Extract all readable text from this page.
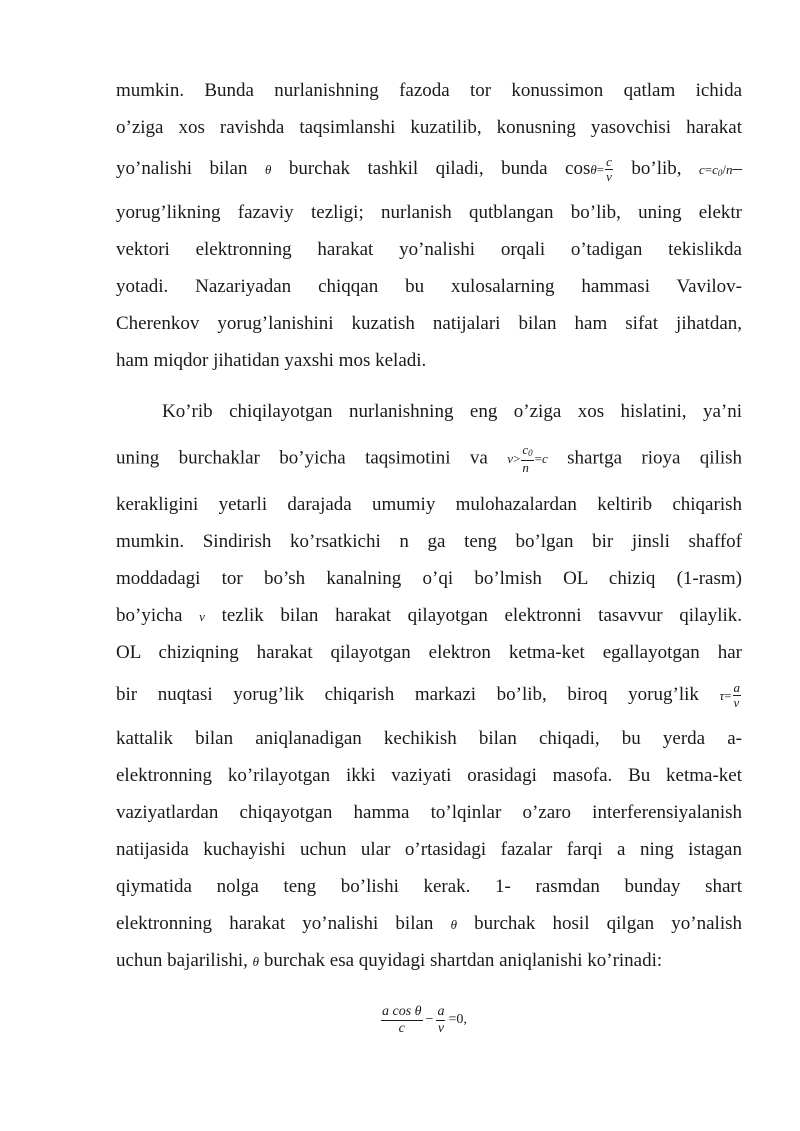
mumkin. Bunda nurlanishning fazoda tor konussimon qatlam ichida
o’ziga xos ravishda taqsimlanshi kuzatilib, konusning yasovchisi harakat
yo’nalishi bilan θ burchak tashkil qiladi, bunda $\cos\theta= \frac{c}{v}$ bo’lib, $c=c_0/n-$
yorug’likning fazaviy tezligi; nurlanish qutblangan bo’lib, uning elektr
vektori elektronning harakat yo’nalishi orqali o’tadigan tekislikda
yotadi. Nazariyadan chiqqan bu xulosalarning hammasi Vavilov-
Cherenkov yorug’lanishini kuzatish natijalari bilan ham sifat jihatdan,
ham miqdor jihatidan yaxshi mos keladi.
Ko’rib chiqilayotgan nurlanishning eng o’ziga xos hislatini, ya’ni
uning burchaklar bo’yicha taqsimotini va $v> \frac{c_0}{n} =c$ shartga rioya qilish
kerakligini yetarli darajada umumiy mulohazalardan keltirib chiqarish
mumkin. Sindirish ko’rsatkichi n ga teng bo’lgan bir jinsli shaffof
moddadagi tor bo’sh kanalning o’qi bo’lmish OL chiziq (1-rasm)
bo’yicha v tezlik bilan harakat qilayotgan elektronni tasavvur qilaylik.
OL chiziqning harakat qilayotgan elektron ketma-ket egallayotgan har
bir nuqtasi yorug’lik chiqarish markazi bo’lib, biroq yorug’lik $\tau= \frac{a}{v}$
kattalik bilan aniqlanadigan kechikish bilan chiqadi, bu yerda a-
elektronning ko’rilayotgan ikki vaziyati orasidagi masofa. Bu ketma-ket
vaziyatlardan chiqayotgan hamma to’lqinlar o’zaro interferensiyalanish
natijasida kuchayishi uchun ular o’rtasidagi fazalar farqi a ning istagan
qiymatida nolga teng bo’lishi kerak. 1- rasmdan bunday shart
elektronning harakat yo’nalishi bilan θ burchak hosil qilgan yo’nalish
uchun bajarilishi, θ burchak esa quyidagi shartdan aniqlanishi ko’rinadi:
$\frac{\text{a cos θ}}{c} - \frac{a}{v} =0$,
